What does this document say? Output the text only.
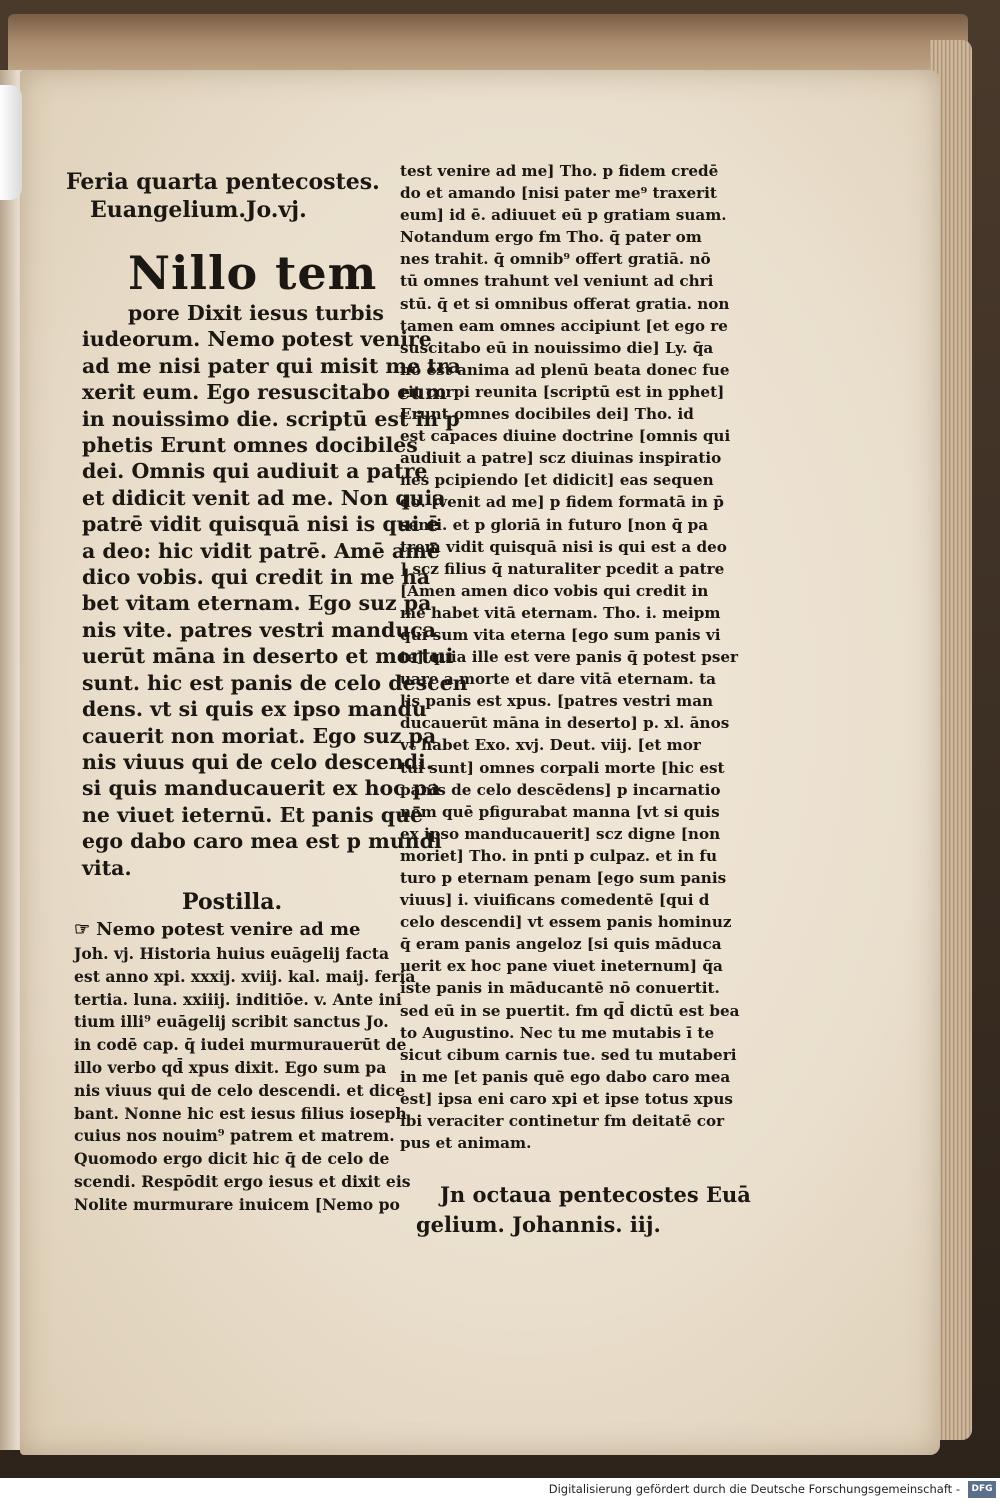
Feria quarta pentecostes.
Euangelium.Jo.vj.
Nillo tem
pore Dixit iesus turbis
iudeorum. Nemo potest venire
ad me nisi pater qui misit me tra
xerit eum. Ego resuscitabo eum
in nouissimo die. scriptū est in p
phetis Erunt omnes docibiles
dei. Omnis qui audiuit a patre
et didicit venit ad me. Non quia
patrē vidit quisquā nisi is qui ē
a deo: hic vidit patrē. Amē amē
dico vobis. qui credit in me ha
bet vitam eternam. Ego suz pa
nis vite. patres vestri manduca
uerūt māna in deserto et mortui
sunt. hic est panis de celo descen
dens. vt si quis ex ipso mandu
cauerit non moriat. Ego suz pa
nis viuus qui de celo descendi.
si quis manducauerit ex hoc pa
ne viuet ieternū. Et panis quē
ego dabo caro mea est p mundi
vita.
Postilla.
☞ Nemo potest venire ad me
Joh. vj. Historia huius euāgelij facta
est anno xpi. xxxij. xviij. kal. maij. feria
tertia. luna. xxiiij. inditiōe. v. Ante ini
tium illi⁹ euāgelij scribit sanctus Jo.
in codē cap. q̄ iudei murmurauerūt de
illo verbo qd̄ xpus dixit. Ego sum pa
nis viuus qui de celo descendi. et dice
bant. Nonne hic est iesus filius ioseph
cuius nos nouim⁹ patrem et matrem.
Quomodo ergo dicit hic q̄ de celo de
scendi. Respōdit ergo iesus et dixit eis
Nolite murmurare inuicem [Nemo po
test venire ad me] Tho. p fidem credē
do et amando [nisi pater me⁹ traxerit
eum] id ē. adiuuet eū p gratiam suam.
Notandum ergo fm Tho. q̄ pater om
nes trahit. q̄ omnib⁹ offert gratiā. nō
tū omnes trahunt vel veniunt ad chri
stū. q̄ et si omnibus offerat gratia. non
tamen eam omnes accipiunt [et ego re
suscitabo eū in nouissimo die] Ly. q̄a
nō est anima ad plenū beata donec fue
rit corpi reunita [scriptū est in pphet]
Erunt omnes docibiles dei] Tho. id
est capaces diuine doctrine [omnis qui
audiuit a patre] scz diuinas inspiratio
nes pcipiendo [et didicit] eas sequen
do. [venit ad me] p fidem formatā in p̄
senti. et p gloriā in futuro [non q̄ pa
trem vidit quisquā nisi is qui est a deo
] scz filius q̄ naturaliter pcedit a patre
[Amen amen dico vobis qui credit in
me habet vitā eternam. Tho. i. meipm
qui sum vita eterna [ego sum panis vi
te] quia ille est vere panis q̄ potest pser
uare a morte et dare vitā eternam. ta
lis panis est xpus. [patres vestri man
ducauerūt māna in deserto] p. xl. ānos
vt habet Exo. xvj. Deut. viij. [et mor
tui sunt] omnes corpali morte [hic est
panis de celo descēdens] p incarnatio
nem quē pfigurabat manna [vt si quis
ex ipso manducauerit] scz digne [non
moriet] Tho. in pnti p culpaz. et in fu
turo p eternam penam [ego sum panis
viuus] i. viuificans comedentē [qui d
celo descendi] vt essem panis hominuz
q̄ eram panis angeloz [si quis māduca
uerit ex hoc pane viuet ineternum] q̄a
iste panis in māducantē nō conuertit.
sed eū in se puertit. fm qd̄ dictū est bea
to Augustino. Nec tu me mutabis ī te
sicut cibum carnis tue. sed tu mutaberi
in me [et panis quē ego dabo caro mea
est] ipsa eni caro xpi et ipse totus xpus
ibi veraciter continetur fm deitatē cor
pus et animam.
Jn octaua pentecostes Euā
gelium. Johannis. iij.
Digitalisierung gefördert durch die Deutsche Forschungsgemeinschaft -	DFG
